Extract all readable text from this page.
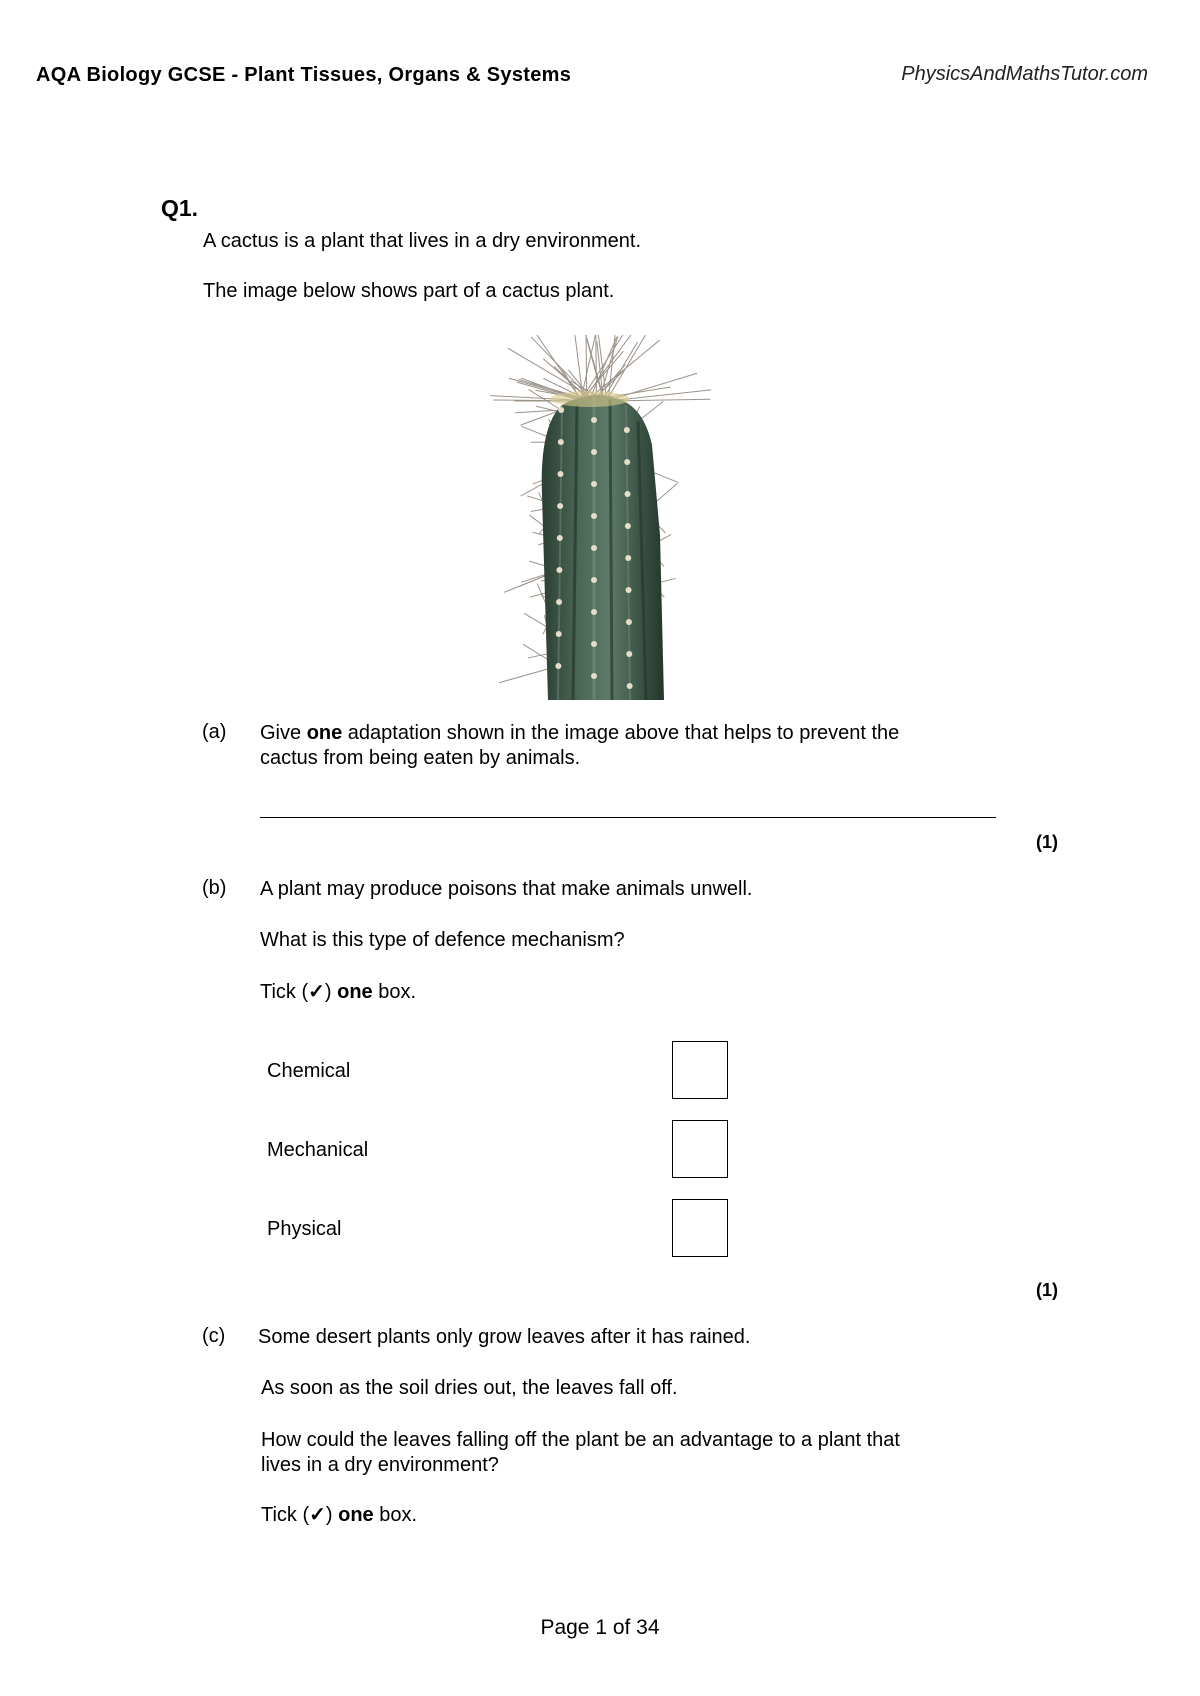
AQA Biology GCSE - Plant Tissues, Organs & Systems	PhysicsAndMathsTutor.com
Q1.
A cactus is a plant that lives in a dry environment.
The image below shows part of a cactus plant.
(a) Give one adaptation shown in the image above that helps to prevent the
cactus from being eaten by animals.
(1)
(b) A plant may produce poisons that make animals unwell.
What is this type of defence mechanism?
Tick (✓) one box.
Chemical
Mechanical
Physical
(1)
(c) Some desert plants only grow leaves after it has rained.
As soon as the soil dries out, the leaves fall off.
How could the leaves falling off the plant be an advantage to a plant that
lives in a dry environment?
Tick (✓) one box.
Page 1 of 34
